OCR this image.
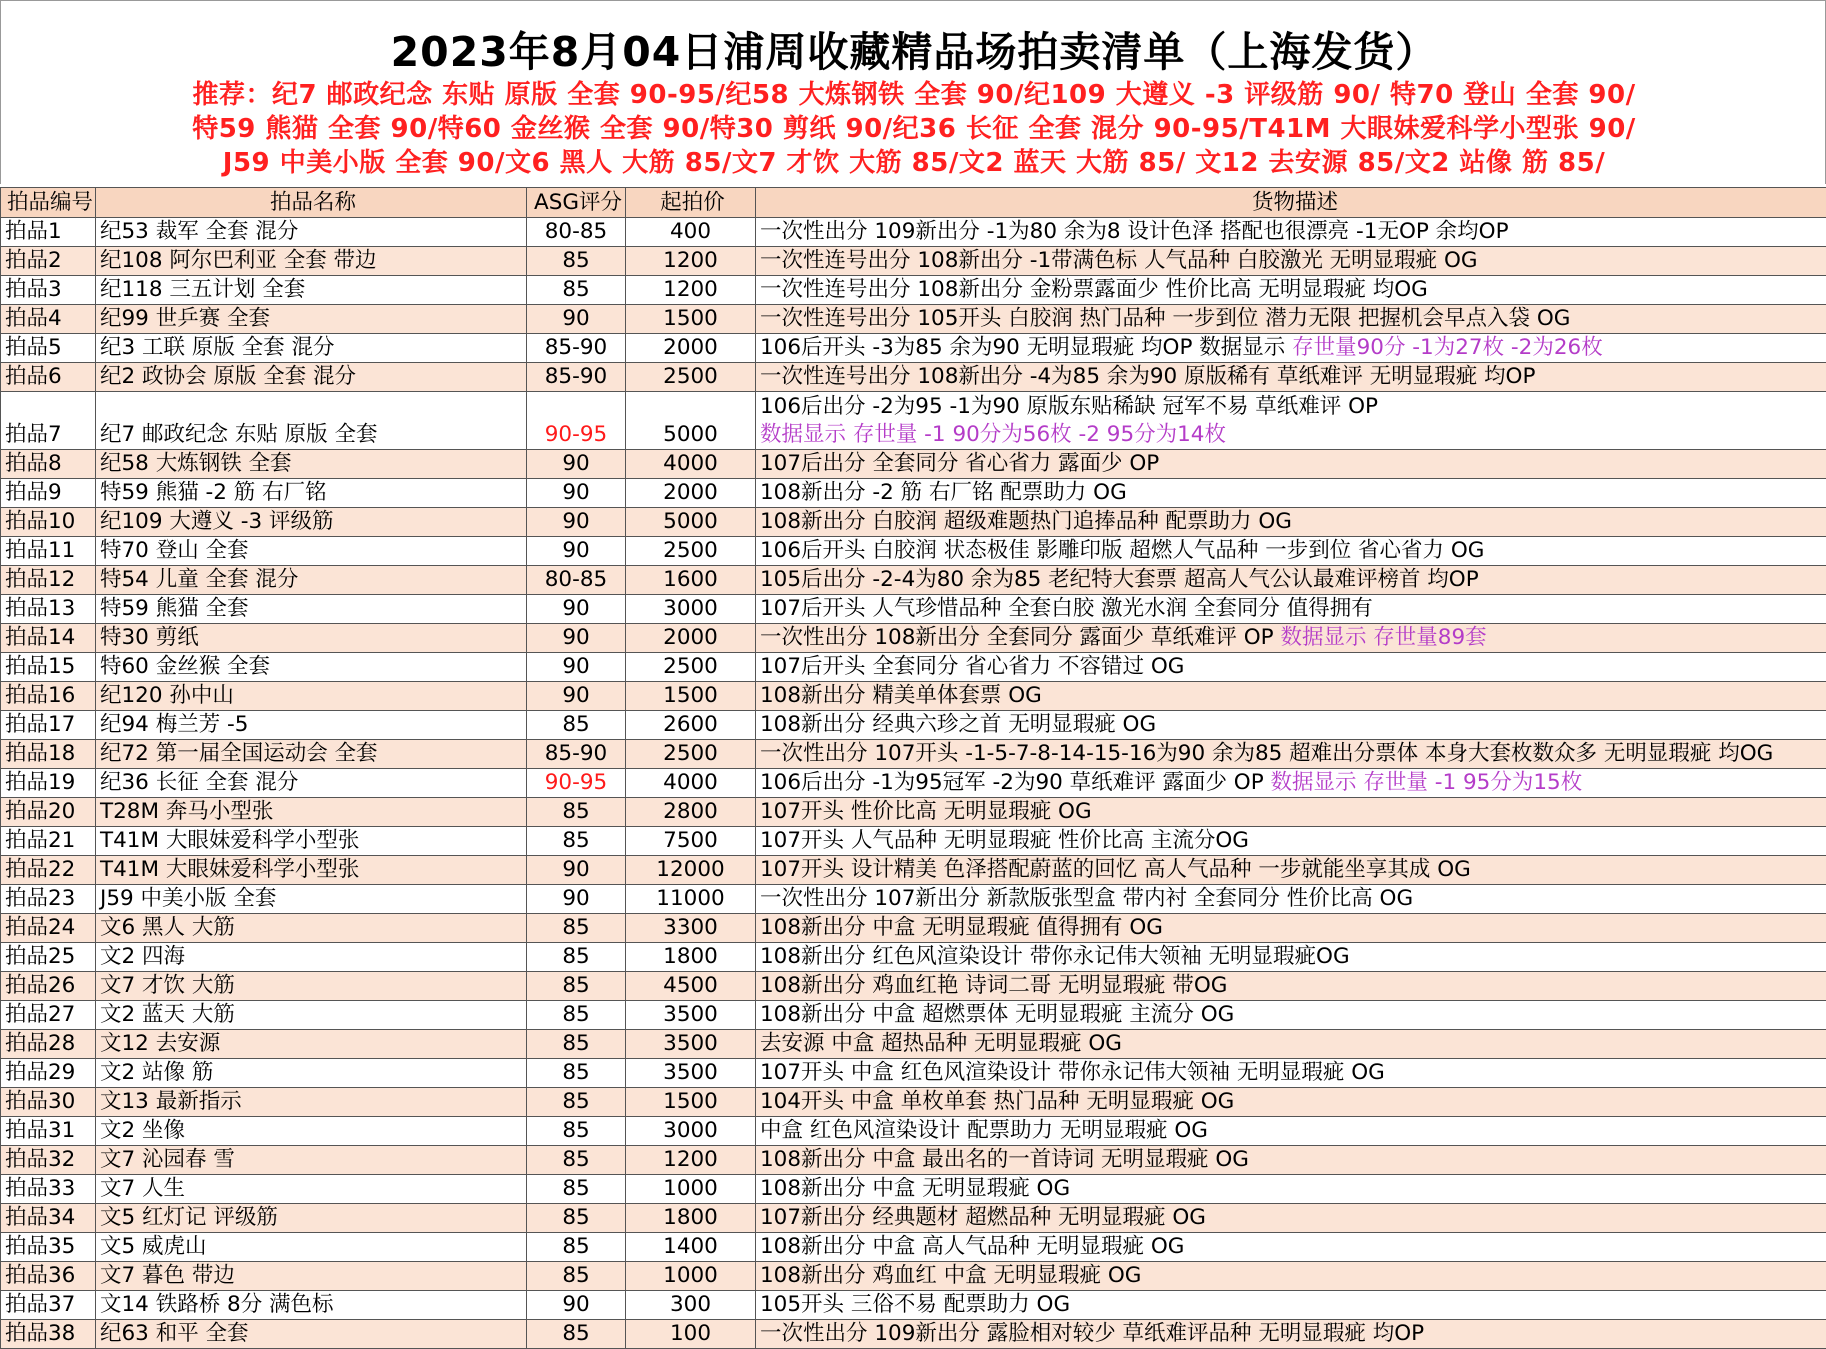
2023年8月04日浦周收藏精品场拍卖清单（上海发货）
推荐：纪7 邮政纪念 东贴 原版 全套 90-95/纪58 大炼钢铁 全套 90/纪109 大遵义 -3 评级筋 90/ 特70 登山 全套 90/
特59 熊猫 全套 90/特60 金丝猴 全套 90/特30 剪纸 90/纪36 长征 全套 混分 90-95/T41M 大眼妹爱科学小型张 90/
J59 中美小版 全套 90/文6 黑人 大筋 85/文7 才饮 大筋 85/文2 蓝天 大筋 85/ 文12 去安源 85/文2 站像 筋 85/
拍品编号	拍品名称	ASG评分	起拍价	货物描述
拍品1	纪53 裁军 全套 混分	80-85	400	一次性出分 109新出分 -1为80 余为8 设计色泽 搭配也很漂亮 -1无OP 余均OP
拍品2	纪108 阿尔巴利亚 全套 带边	85	1200	一次性连号出分 108新出分 -1带满色标 人气品种 白胶激光 无明显瑕疵 OG
拍品3	纪118 三五计划 全套	85	1200	一次性连号出分 108新出分 金粉票露面少 性价比高 无明显瑕疵 均OG
拍品4	纪99 世乒赛 全套	90	1500	一次性连号出分 105开头 白胶润 热门品种 一步到位 潜力无限 把握机会早点入袋 OG
拍品5	纪3 工联 原版 全套 混分	85-90	2000	106后开头 -3为85 余为90 无明显瑕疵 均OP 数据显示 存世量90分 -1为27枚 -2为26枚
拍品6	纪2 政协会 原版 全套 混分	85-90	2500	一次性连号出分 108新出分 -4为85 余为90 原版稀有 草纸难评 无明显瑕疵 均OP
拍品7	纪7 邮政纪念 东贴 原版 全套	90-95	5000	106后出分 -2为95 -1为90 原版东贴稀缺 冠军不易 草纸难评 OP
数据显示 存世量 -1 90分为56枚 -2 95分为14枚
拍品8	纪58 大炼钢铁 全套	90	4000	107后出分 全套同分 省心省力 露面少 OP
拍品9	特59 熊猫 -2 筋 右厂铭	90	2000	108新出分 -2 筋 右厂铭 配票助力 OG
拍品10	纪109 大遵义 -3 评级筋	90	5000	108新出分 白胶润 超级难题热门追捧品种 配票助力 OG
拍品11	特70 登山 全套	90	2500	106后开头 白胶润 状态极佳 影雕印版 超燃人气品种 一步到位 省心省力 OG
拍品12	特54 儿童 全套 混分	80-85	1600	105后出分 -2-4为80 余为85 老纪特大套票 超高人气公认最难评榜首 均OP
拍品13	特59 熊猫 全套	90	3000	107后开头 人气珍惜品种 全套白胶 激光水润 全套同分 值得拥有
拍品14	特30 剪纸	90	2000	一次性出分 108新出分 全套同分 露面少 草纸难评 OP 数据显示 存世量89套
拍品15	特60 金丝猴 全套	90	2500	107后开头 全套同分 省心省力 不容错过 OG
拍品16	纪120 孙中山	90	1500	108新出分 精美单体套票 OG
拍品17	纪94 梅兰芳 -5	85	2600	108新出分 经典六珍之首 无明显瑕疵 OG
拍品18	纪72 第一届全国运动会 全套	85-90	2500	一次性出分 107开头 -1-5-7-8-14-15-16为90 余为85 超难出分票体 本身大套枚数众多 无明显瑕疵 均OG
拍品19	纪36 长征 全套 混分	90-95	4000	106后出分 -1为95冠军 -2为90 草纸难评 露面少 OP 数据显示 存世量 -1 95分为15枚
拍品20	T28M 奔马小型张	85	2800	107开头 性价比高 无明显瑕疵 OG
拍品21	T41M 大眼妹爱科学小型张	85	7500	107开头 人气品种 无明显瑕疵 性价比高 主流分OG
拍品22	T41M 大眼妹爱科学小型张	90	12000	107开头 设计精美 色泽搭配蔚蓝的回忆 高人气品种 一步就能坐享其成 OG
拍品23	J59 中美小版 全套	90	11000	一次性出分 107新出分 新款版张型盒 带内衬 全套同分 性价比高 OG
拍品24	文6 黑人 大筋	85	3300	108新出分 中盒 无明显瑕疵 值得拥有 OG
拍品25	文2 四海	85	1800	108新出分 红色风渲染设计 带你永记伟大领袖 无明显瑕疵OG
拍品26	文7 才饮 大筋	85	4500	108新出分 鸡血红艳 诗词二哥 无明显瑕疵 带OG
拍品27	文2 蓝天 大筋	85	3500	108新出分 中盒 超燃票体 无明显瑕疵 主流分 OG
拍品28	文12 去安源	85	3500	去安源 中盒 超热品种 无明显瑕疵 OG
拍品29	文2 站像 筋	85	3500	107开头 中盒 红色风渲染设计 带你永记伟大领袖 无明显瑕疵 OG
拍品30	文13 最新指示	85	1500	104开头 中盒 单枚单套 热门品种 无明显瑕疵 OG
拍品31	文2 坐像	85	3000	中盒 红色风渲染设计 配票助力 无明显瑕疵 OG
拍品32	文7 沁园春 雪	85	1200	108新出分 中盒 最出名的一首诗词 无明显瑕疵 OG
拍品33	文7 人生	85	1000	108新出分 中盒 无明显瑕疵 OG
拍品34	文5 红灯记 评级筋	85	1800	107新出分 经典题材 超燃品种 无明显瑕疵 OG
拍品35	文5 威虎山	85	1400	108新出分 中盒 高人气品种 无明显瑕疵 OG
拍品36	文7 暮色 带边	85	1000	108新出分 鸡血红 中盒 无明显瑕疵 OG
拍品37	文14 铁路桥 8分 满色标	90	300	105开头 三俗不易 配票助力 OG
拍品38	纪63 和平 全套	85	100	一次性出分 109新出分 露脸相对较少 草纸难评品种 无明显瑕疵 均OP
